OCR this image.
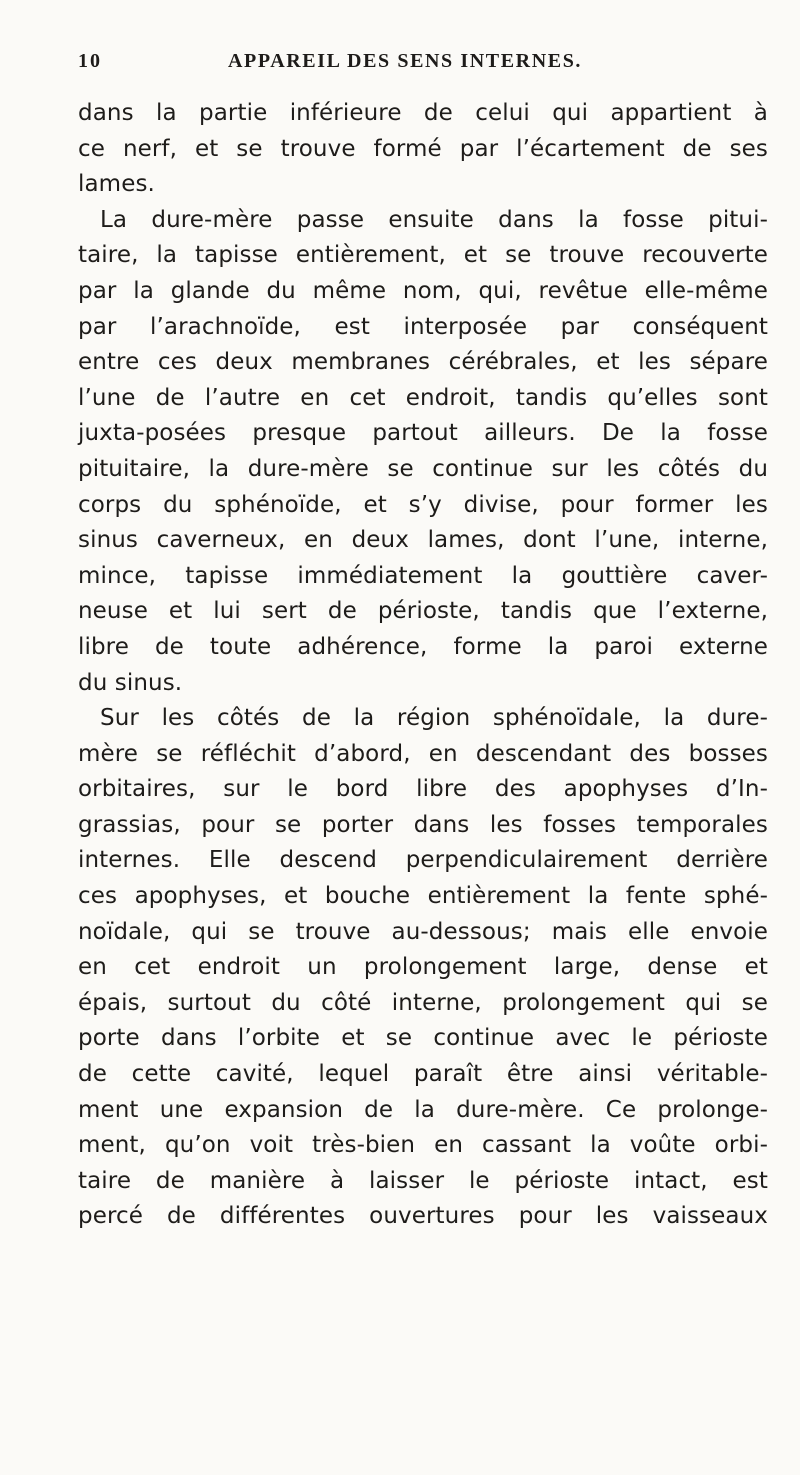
10	APPAREIL DES SENS INTERNES.
dans la partie inférieure de celui qui appartient à
ce nerf, et se trouve formé par l’écartement de ses
lames.
La dure-mère passe ensuite dans la fosse pitui-
taire, la tapisse entièrement, et se trouve recouverte
par la glande du même nom, qui, revêtue elle-même
par l’arachnoïde, est interposée par conséquent
entre ces deux membranes cérébrales, et les sépare
l’une de l’autre en cet endroit, tandis qu’elles sont
juxta-posées presque partout ailleurs. De la fosse
pituitaire, la dure-mère se continue sur les côtés du
corps du sphénoïde, et s’y divise, pour former les
sinus caverneux, en deux lames, dont l’une, interne,
mince, tapisse immédiatement la gouttière caver-
neuse et lui sert de périoste, tandis que l’externe,
libre de toute adhérence, forme la paroi externe
du sinus.
Sur les côtés de la région sphénoïdale, la dure-
mère se réfléchit d’abord, en descendant des bosses
orbitaires, sur le bord libre des apophyses d’In-
grassias, pour se porter dans les fosses temporales
internes. Elle descend perpendiculairement derrière
ces apophyses, et bouche entièrement la fente sphé-
noïdale, qui se trouve au-dessous; mais elle envoie
en cet endroit un prolongement large, dense et
épais, surtout du côté interne, prolongement qui se
porte dans l’orbite et se continue avec le périoste
de cette cavité, lequel paraît être ainsi véritable-
ment une expansion de la dure-mère. Ce prolonge-
ment, qu’on voit très-bien en cassant la voûte orbi-
taire de manière à laisser le périoste intact, est
percé de différentes ouvertures pour les vaisseaux
